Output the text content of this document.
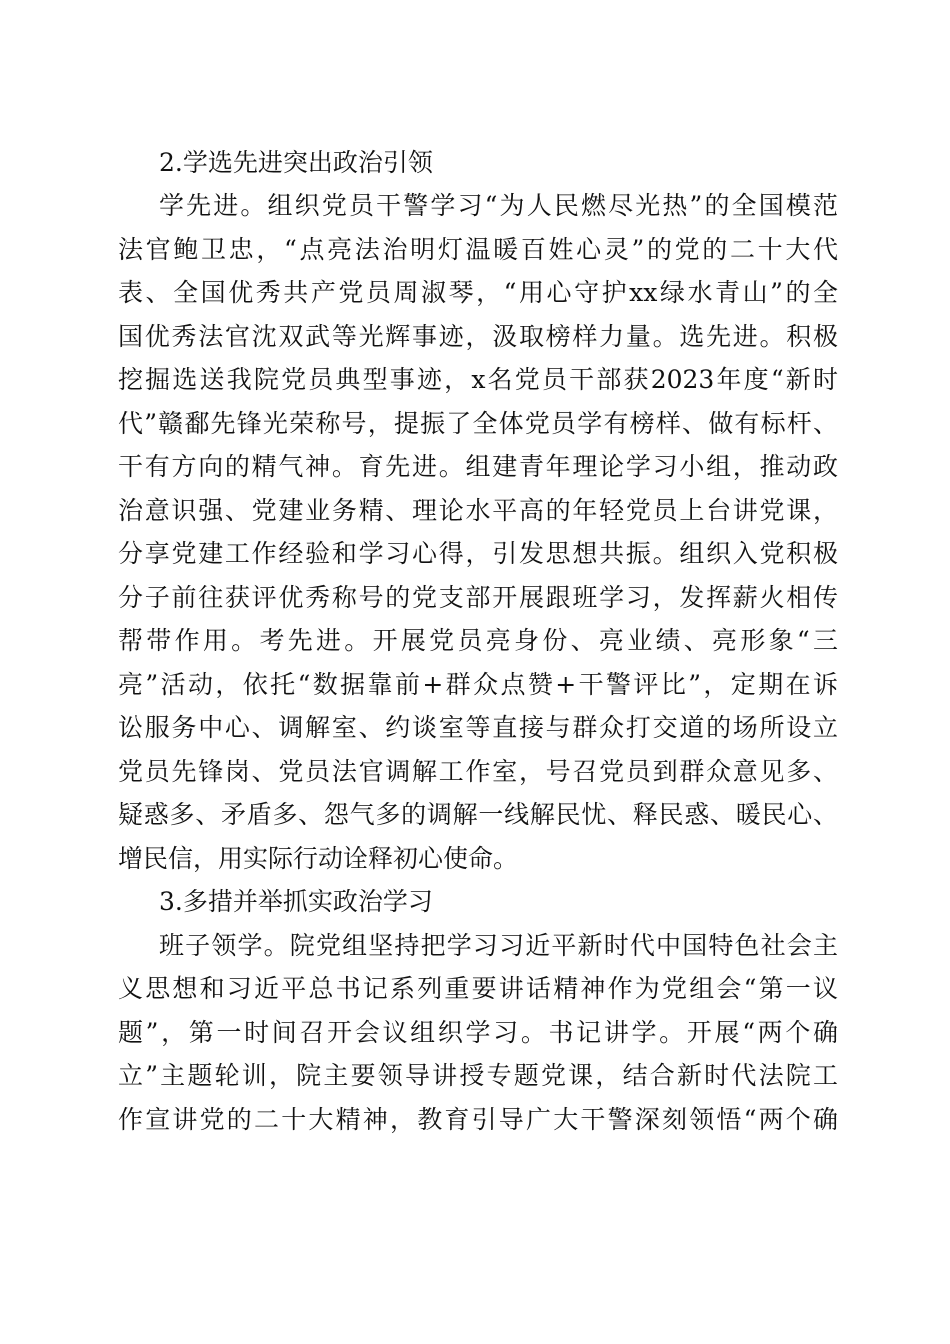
2.学选先进突出政治引领
学先进。组织党员干警学习“为人民燃尽光热”的全国模范
法官鲍卫忠，“点亮法治明灯温暖百姓心灵”的党的二十大代
表、全国优秀共产党员周淑琴，“用心守护xx绿水青山”的全
国优秀法官沈双武等光辉事迹，汲取榜样力量。选先进。积极
挖掘选送我院党员典型事迹，x名党员干部获2023年度“新时
代”赣鄱先锋光荣称号，提振了全体党员学有榜样、做有标杆、
干有方向的精气神。育先进。组建青年理论学习小组，推动政
治意识强、党建业务精、理论水平高的年轻党员上台讲党课，
分享党建工作经验和学习心得，引发思想共振。组织入党积极
分子前往获评优秀称号的党支部开展跟班学习，发挥薪火相传
帮带作用。考先进。开展党员亮身份、亮业绩、亮形象“三
亮”活动，依托“数据靠前+群众点赞+干警评比”，定期在诉
讼服务中心、调解室、约谈室等直接与群众打交道的场所设立
党员先锋岗、党员法官调解工作室，号召党员到群众意见多、
疑惑多、矛盾多、怨气多的调解一线解民忧、释民惑、暖民心、
增民信，用实际行动诠释初心使命。
3.多措并举抓实政治学习
班子领学。院党组坚持把学习习近平新时代中国特色社会主
义思想和习近平总书记系列重要讲话精神作为党组会“第一议
题”，第一时间召开会议组织学习。书记讲学。开展“两个确
立”主题轮训，院主要领导讲授专题党课，结合新时代法院工
作宣讲党的二十大精神，教育引导广大干警深刻领悟“两个确
